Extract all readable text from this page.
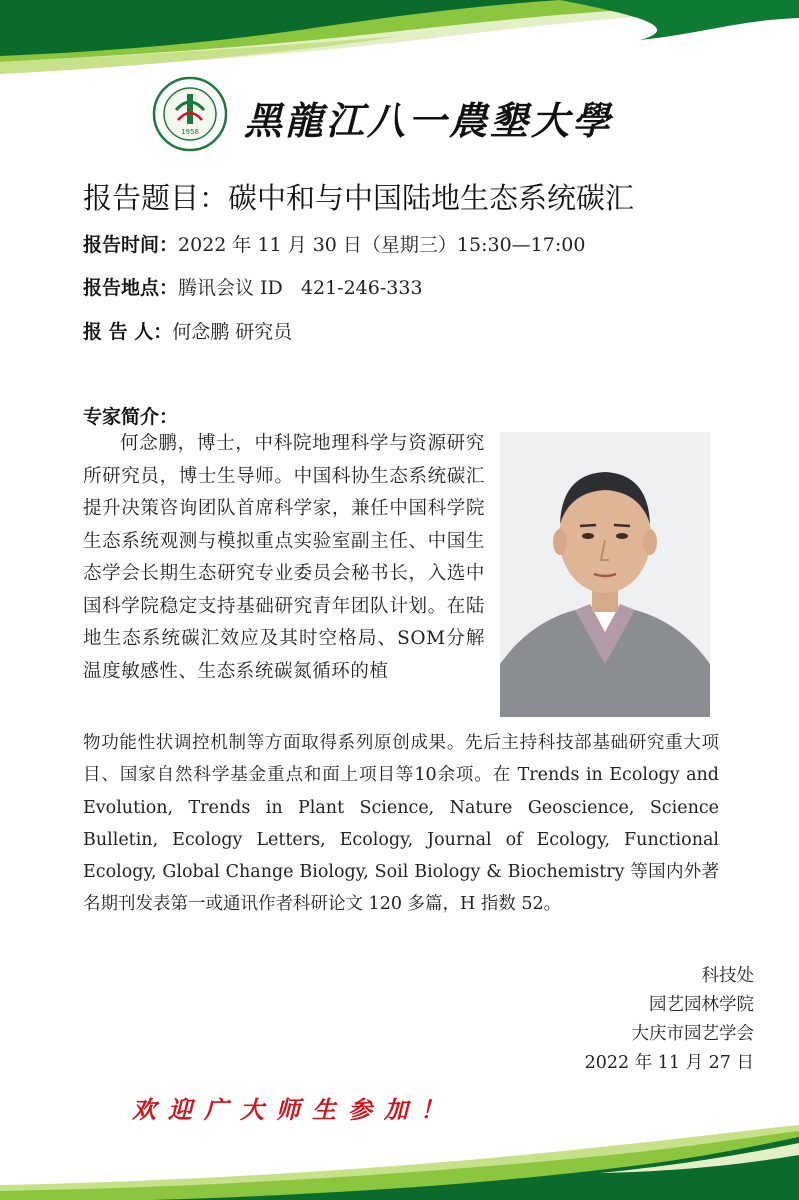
1958 黑龍江八一農墾大學
报告题目：碳中和与中国陆地生态系统碳汇
报告时间：2022 年 11 月 30 日（星期三）15:30—17:00
报告地点：腾讯会议 ID   421-246-333
报 告 人：何念鹏 研究员
专家简介：
何念鹏，博士，中科院地理科学与资源研究所研究员，博士生导师。中国科协生态系统碳汇提升决策咨询团队首席科学家，兼任中国科学院生态系统观测与模拟重点实验室副主任、中国生态学会长期生态研究专业委员会秘书长，入选中国科学院稳定支持基础研究青年团队计划。在陆地生态系统碳汇效应及其时空格局、SOM分解温度敏感性、生态系统碳氮循环的植
物功能性状调控机制等方面取得系列原创成果。先后主持科技部基础研究重大项目、国家自然科学基金重点和面上项目等10余项。在 Trends in Ecology and Evolution, Trends in Plant Science, Nature Geoscience, Science Bulletin, Ecology Letters, Ecology, Journal of Ecology, Functional Ecology, Global Change Biology, Soil Biology & Biochemistry 等国内外著名期刊发表第一或通讯作者科研论文 120 多篇，H 指数 52。
科技处
园艺园林学院
大庆市园艺学会
2022 年 11 月 27 日
欢迎广大师生参加！
